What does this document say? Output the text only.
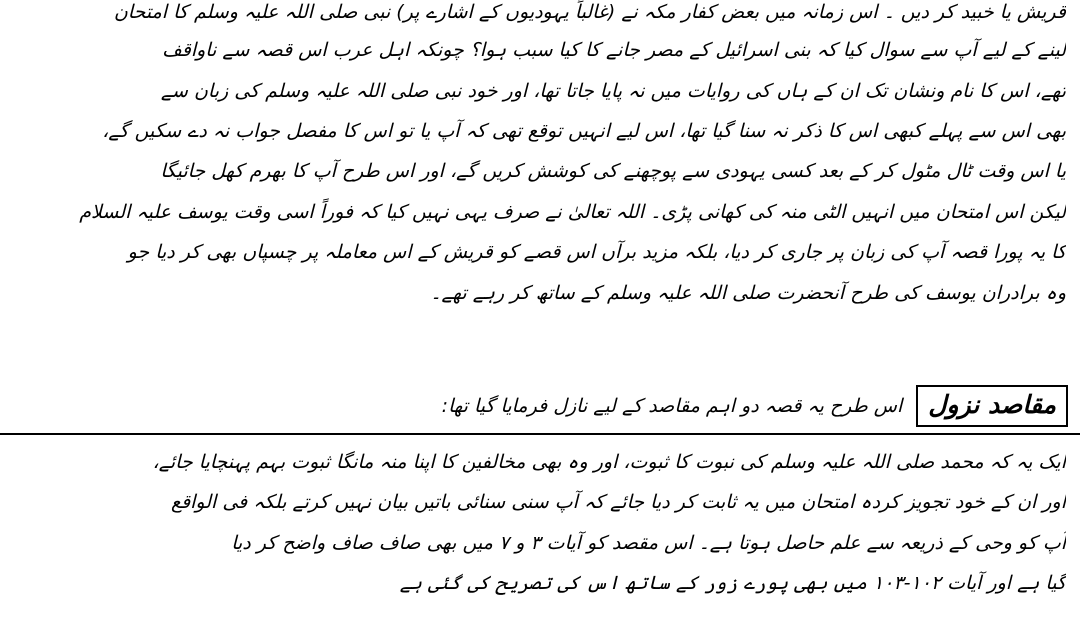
قریش یا خبید کر دیں ۔ اس زمانہ میں بعض کفار مکہ نے (غالباً یہودیوں کے اشارے پر) نبی صلی اللہ علیہ وسلم کا امتحان
لینے کے لیے آپ سے سوال کیا کہ بنی اسرائیل کے مصر جانے کا کیا سبب ہوا؟ چونکہ اہل عرب اس قصہ سے ناواقف
تھے، اس کا نام ونشان تک ان کے ہاں کی روایات میں نہ پایا جاتا تھا، اور خود نبی صلی اللہ علیہ وسلم کی زبان سے
بھی اس سے پہلے کبھی اس کا ذکر نہ سنا گیا تھا، اس لیے انہیں توقع تھی کہ آپ یا تو اس کا مفصل جواب نہ دے سکیں گے،
یا اس وقت ٹال مٹول کر کے بعد کسی یہودی سے پوچھنے کی کوشش کریں گے، اور اس طرح آپ کا بھرم کھل جائیگا
لیکن اس امتحان میں انہیں الٹی منہ کی کھانی پڑی۔ اللہ تعالیٰ نے صرف یہی نہیں کیا کہ فوراً اسی وقت یوسف علیہ السلام
کا یہ پورا قصہ آپ کی زبان پر جاری کر دیا، بلکہ مزید برآں اس قصے کو قریش کے اس معاملہ پر چسپاں بھی کر دیا جو
وہ برادران یوسف کی طرح آنحضرت صلی اللہ علیہ وسلم کے ساتھ کر رہے تھے۔
مقاصد نزول
اس طرح یہ قصہ دو اہم مقاصد کے لیے نازل فرمایا گیا تھا:
ایک یہ کہ محمد صلی اللہ علیہ وسلم کی نبوت کا ثبوت، اور وہ بھی مخالفین کا اپنا منہ مانگا ثبوت بہم پہنچایا جائے،
اور ان کے خود تجویز کردہ امتحان میں یہ ثابت کر دیا جائے کہ آپ سنی سنائی باتیں بیان نہیں کرتے بلکہ فی الواقع
آپ کو وحی کے ذریعہ سے علم حاصل ہوتا ہے۔ اس مقصد کو آیات ۳ و ۷ میں بھی صاف صاف واضح کر دیا
گیا ہے اور آیات ۱۰۲-۱۰۳ میں بھی پورے زور کے ساتھ اس کی تصریح کی گئی ہے
